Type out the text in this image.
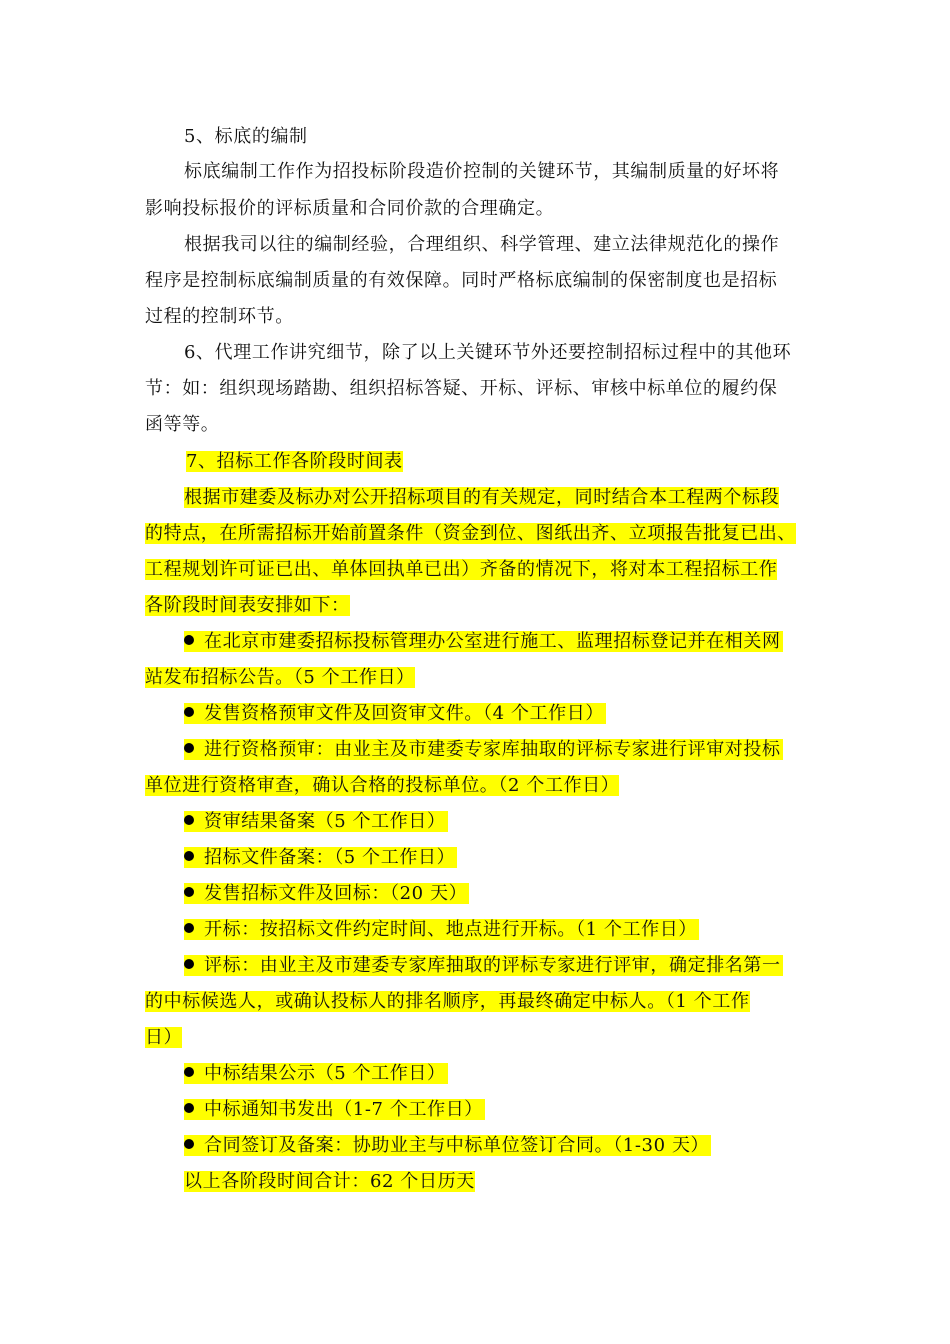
5、标底的编制
标底编制工作作为招投标阶段造价控制的关键环节，其编制质量的好坏将
影响投标报价的评标质量和合同价款的合理确定。
根据我司以往的编制经验，合理组织、科学管理、建立法律规范化的操作
程序是控制标底编制质量的有效保障。同时严格标底编制的保密制度也是招标
过程的控制环节。
6、代理工作讲究细节，除了以上关键环节外还要控制招标过程中的其他环
节：如：组织现场踏勘、组织招标答疑、开标、评标、审核中标单位的履约保
函等等。
7、招标工作各阶段时间表
根据市建委及标办对公开招标项目的有关规定，同时结合本工程两个标段
的特点，在所需招标开始前置条件（资金到位、图纸出齐、立项报告批复已出、
工程规划许可证已出、单体回执单已出）齐备的情况下，将对本工程招标工作
各阶段时间表安排如下：
在北京市建委招标投标管理办公室进行施工、监理招标登记并在相关网
站发布招标公告。（5 个工作日）
发售资格预审文件及回资审文件。（4 个工作日）
进行资格预审：由业主及市建委专家库抽取的评标专家进行评审对投标
单位进行资格审查，确认合格的投标单位。（2 个工作日）
资审结果备案（5 个工作日）
招标文件备案：（5 个工作日）
发售招标文件及回标：（20 天）
开标：按招标文件约定时间、地点进行开标。（1 个工作日）
评标：由业主及市建委专家库抽取的评标专家进行评审，确定排名第一
的中标候选人，或确认投标人的排名顺序，再最终确定中标人。（1 个工作
日）
中标结果公示（5 个工作日）
中标通知书发出（1-7 个工作日）
合同签订及备案：协助业主与中标单位签订合同。（1-30 天）
以上各阶段时间合计：62 个日历天
